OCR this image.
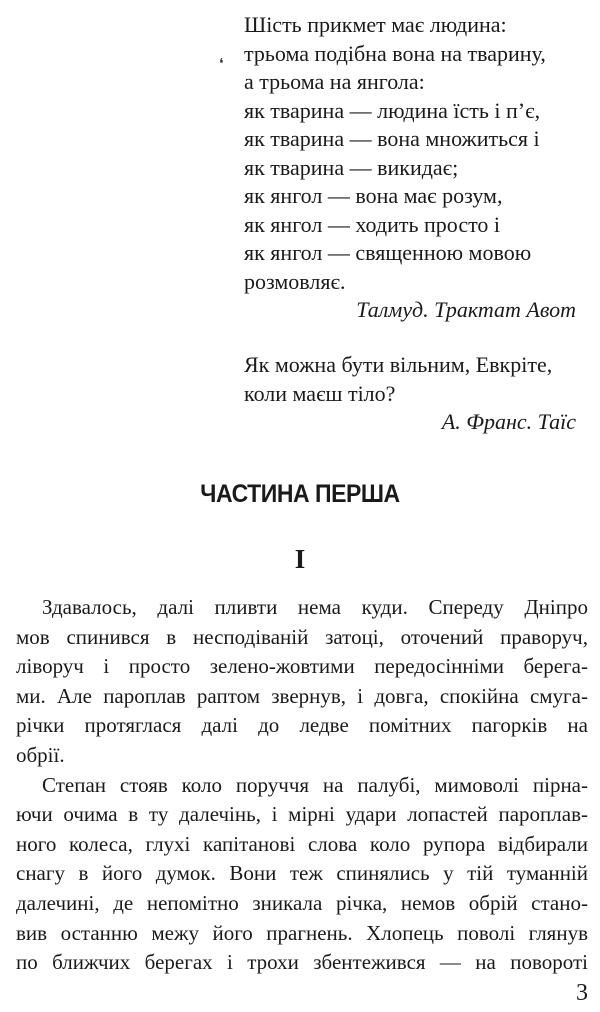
❛
Шість прикмет має людина:
трьома подібна вона на тварину,
а трьома на янгола:
як тварина — людина їсть і п’є,
як тварина — вона множиться і
як тварина — викидає;
як янгол — вона має розум,
як янгол — ходить просто і
як янгол — священною мовою
розмовляє.
Талмуд. Трактат Авот
Як можна бути вільним, Евкріте,
коли маєш тіло?
А. Франс. Таїс
ЧАСТИНА ПЕРША
I
Здавалось, далі пливти нема куди. Спереду Дніпро
мов спинився в несподіваній затоці, оточений праворуч,
ліворуч і просто зелено-жовтими передосінніми берега-
ми. Але пароплав раптом звернув, і довга, спокійна смуга-
річки протяглася далі до ледве помітних пагорків на
обрії.
Степан стояв коло поруччя на палубі, мимоволі пірна-
ючи очима в ту далечінь, і мірні удари лопастей пароплав-
ного колеса, глухі капітанові слова коло рупора відбирали
снагу в його думок. Вони теж спинялись у тій туманній
далечині, де непомітно зникала річка, немов обрій стано-
вив останню межу його прагнень. Хлопець поволі глянув
по ближчих берегах і трохи збентежився — на повороті
3
